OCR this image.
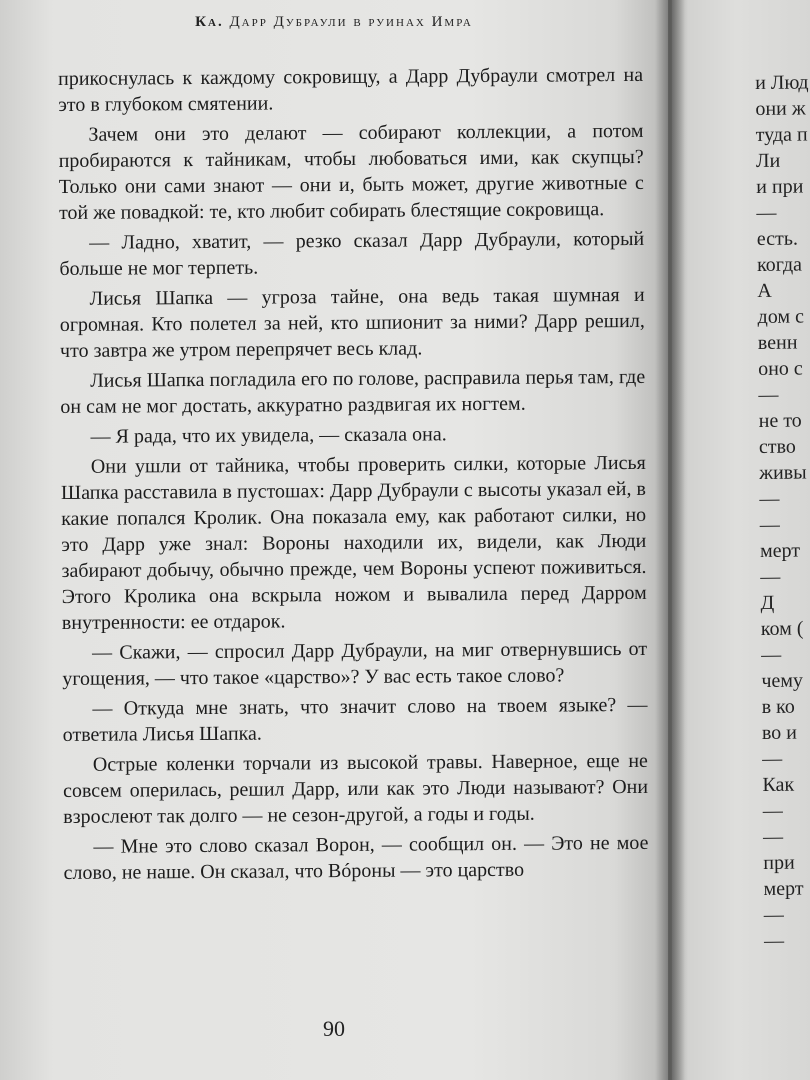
Ка. Дарр Дубраули в руинах Имра

прикоснулась к каждому сокровищу, а Дарр Дубраули смотрел на это в глубоком смятении.

Зачем они это делают — собирают коллекции, а потом пробираются к тайникам, чтобы любоваться ими, как скупцы? Только они сами знают — они и, быть может, другие животные с той же повадкой: те, кто любит собирать блестящие сокровища.

— Ладно, хватит, — резко сказал Дарр Дубраули, который больше не мог терпеть.

Лисья Шапка — угроза тайне, она ведь такая шумная и огромная. Кто полетел за ней, кто шпионит за ними? Дарр решил, что завтра же утром перепрячет весь клад.

Лисья Шапка погладила его по голове, расправила перья там, где он сам не мог достать, аккуратно раздвигая их ногтем.

— Я рада, что их увидела, — сказала она.

Они ушли от тайника, чтобы проверить силки, которые Лисья Шапка расставила в пустошах: Дарр Дубраули с высоты указал ей, в какие попался Кролик. Она показала ему, как работают силки, но это Дарр уже знал: Вороны находили их, видели, как Люди забирают добычу, обычно прежде, чем Вороны успеют поживиться. Этого Кролика она вскрыла ножом и вывалила перед Дарром внутренности: ее отдарок.

— Скажи, — спросил Дарр Дубраули, на миг отвернувшись от угощения, — что такое «царство»? У вас есть такое слово?

— Откуда мне знать, что значит слово на твоем языке? — ответила Лисья Шапка.

Острые коленки торчали из высокой травы. Наверное, еще не совсем оперилась, решил Дарр, или как это Люди называют? Они взрослеют так долго — не сезон-другой, а годы и годы.

— Мне это слово сказал Ворон, — сообщил он. — Это не мое слово, не наше. Он сказал, что Вóроны — это царство

90
и Люд
они ж
туда п
Ли
и при
—
есть.
когда
А
дом с
венн
оно с
—
не то
ство
живы
—
—
мерт
—
Д
ком (
—
чему
в ко
во и
—
Как
—
—
при
мерт
—
—
